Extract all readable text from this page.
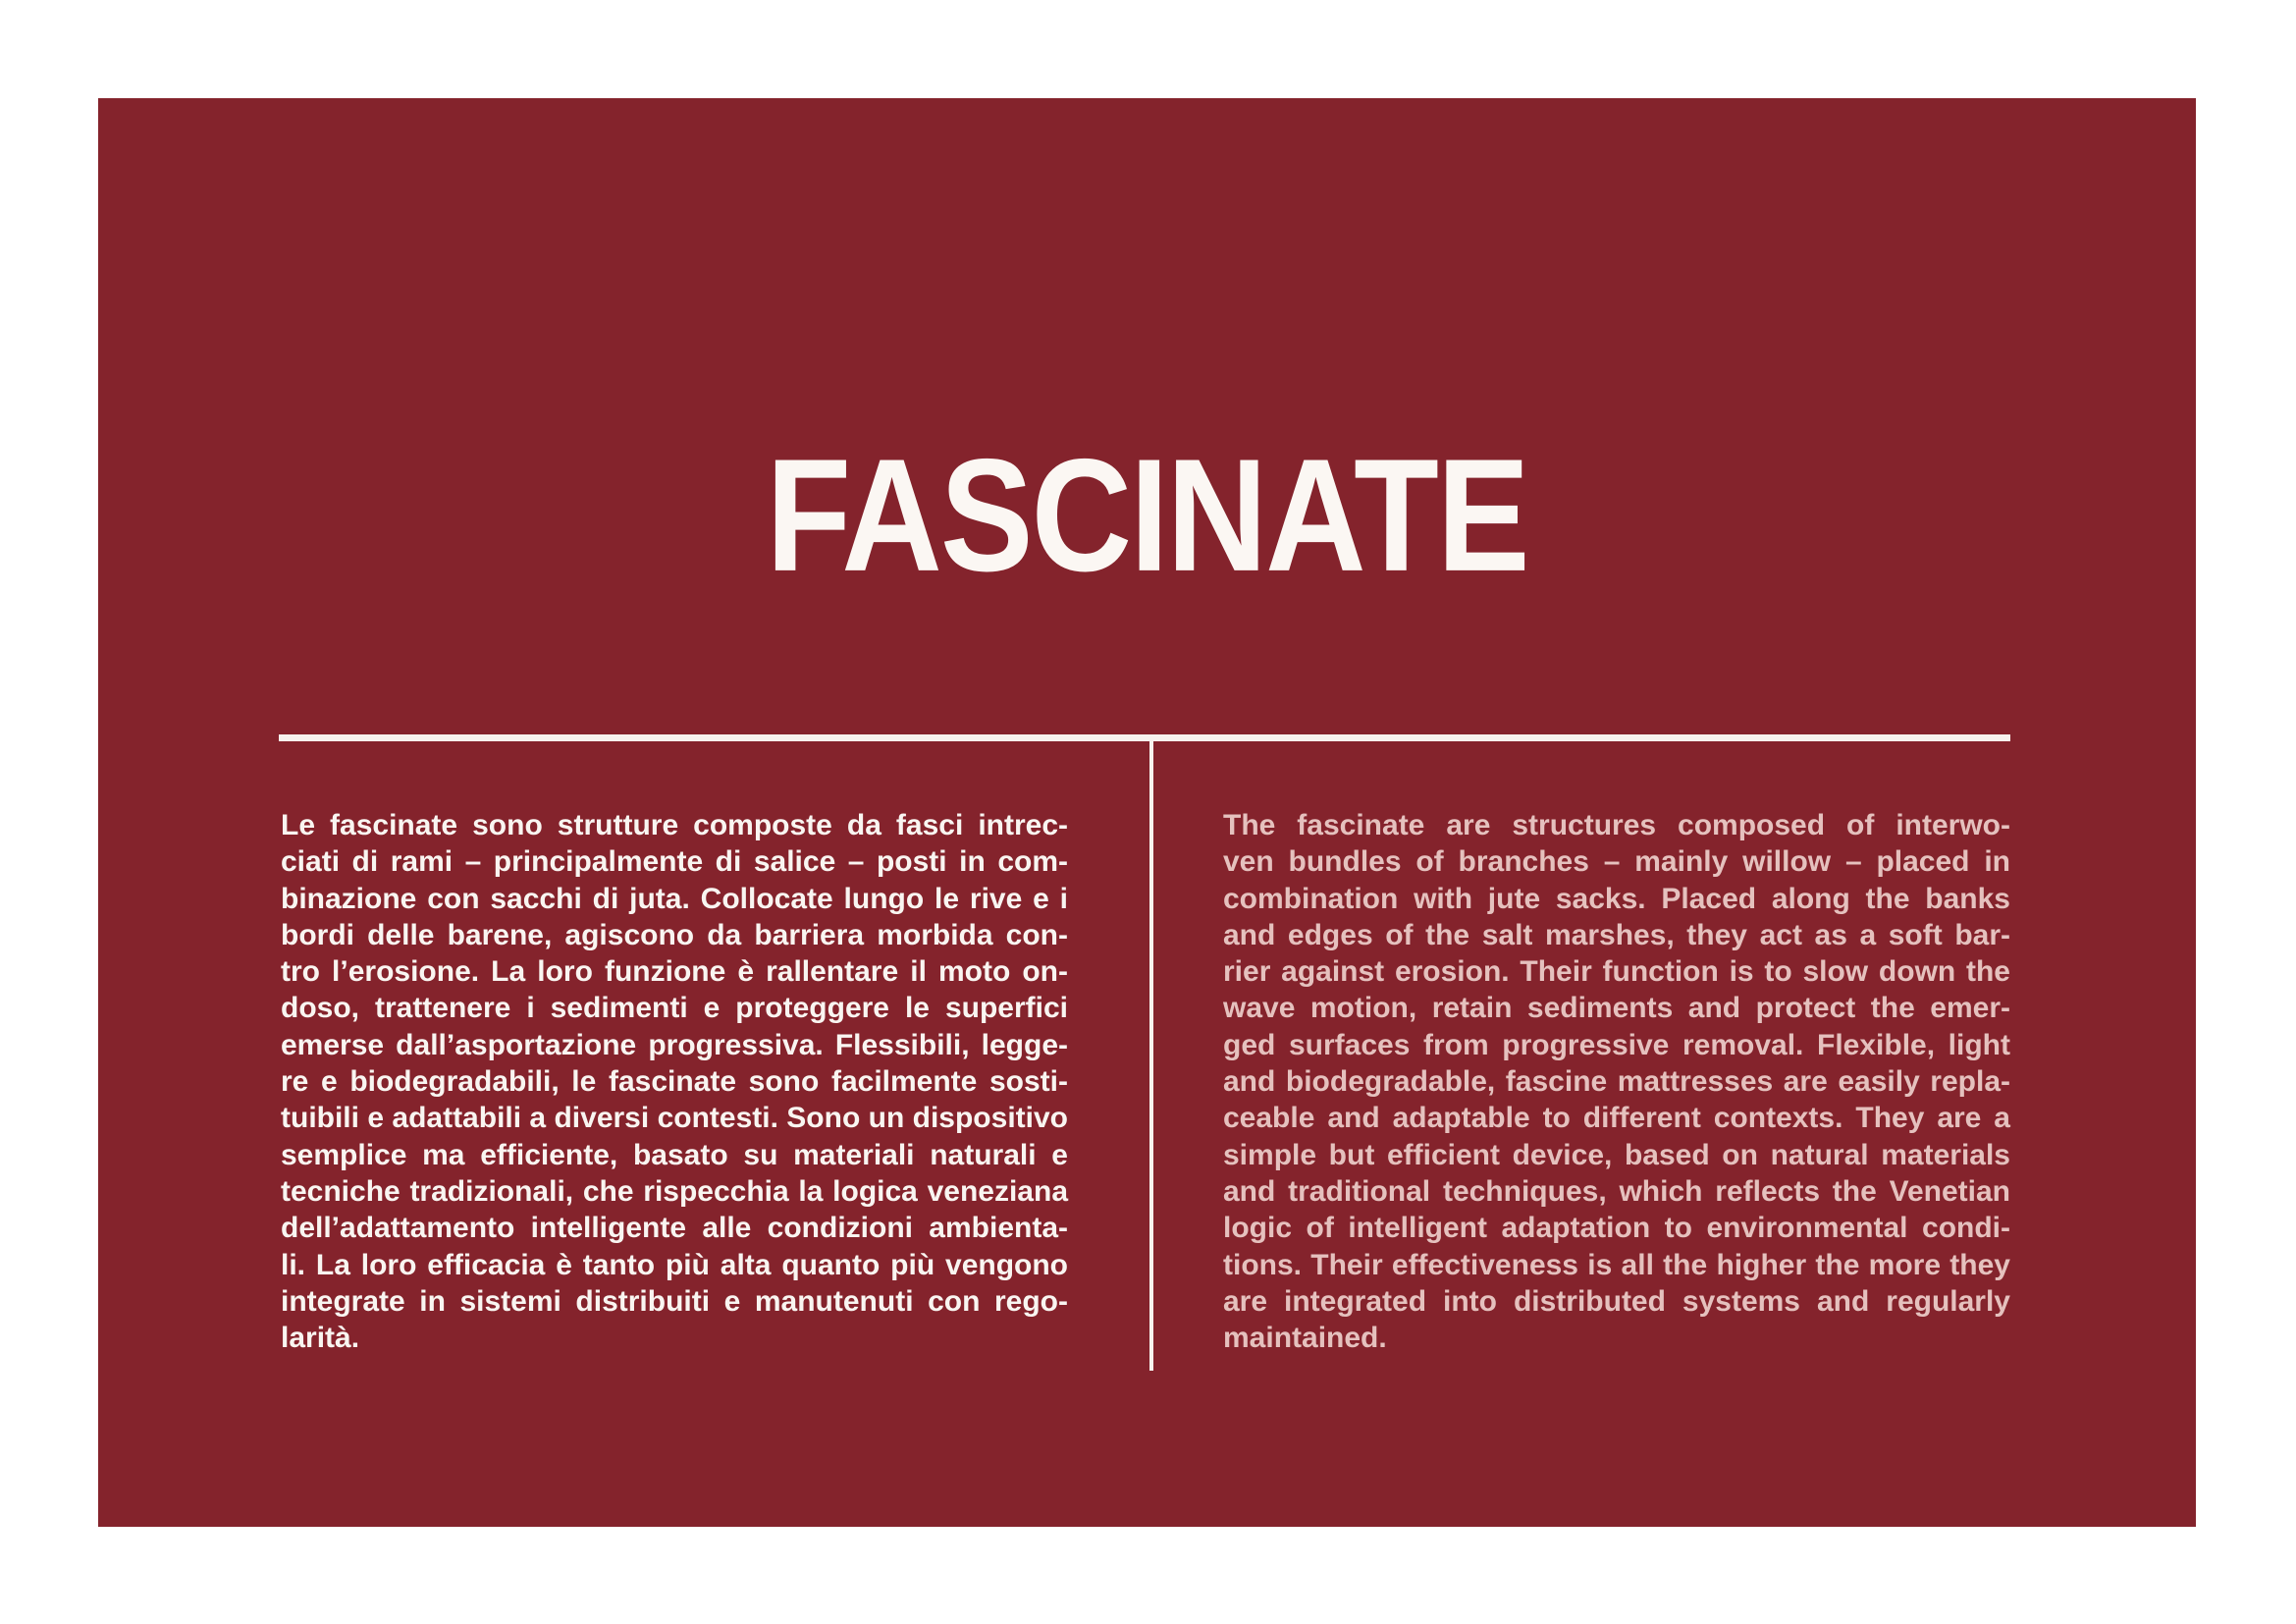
FASCINATE
Le fascinate sono strutture composte da fasci intrec-
ciati di rami – principalmente di salice – posti in com-
binazione con sacchi di juta. Collocate lungo le rive e i
bordi delle barene, agiscono da barriera morbida con-
tro l’erosione. La loro funzione è rallentare il moto on-
doso, trattenere i sedimenti e proteggere le superfici
emerse dall’asportazione progressiva. Flessibili, legge-
re e biodegradabili, le fascinate sono facilmente sosti-
tuibili e adattabili a diversi contesti. Sono un dispositivo
semplice ma efficiente, basato su materiali naturali e
tecniche tradizionali, che rispecchia la logica veneziana
dell’adattamento intelligente alle condizioni ambienta-
li. La loro efficacia è tanto più alta quanto più vengono
integrate in sistemi distribuiti e manutenuti con rego-
larità.
The fascinate are structures composed of interwo-
ven bundles of branches – mainly willow – placed in
combination with jute sacks. Placed along the banks
and edges of the salt marshes, they act as a soft bar-
rier against erosion. Their function is to slow down the
wave motion, retain sediments and protect the emer-
ged surfaces from progressive removal. Flexible, light
and biodegradable, fascine mattresses are easily repla-
ceable and adaptable to different contexts. They are a
simple but efficient device, based on natural materials
and traditional techniques, which reflects the Venetian
logic of intelligent adaptation to environmental condi-
tions. Their effectiveness is all the higher the more they
are integrated into distributed systems and regularly
maintained.
